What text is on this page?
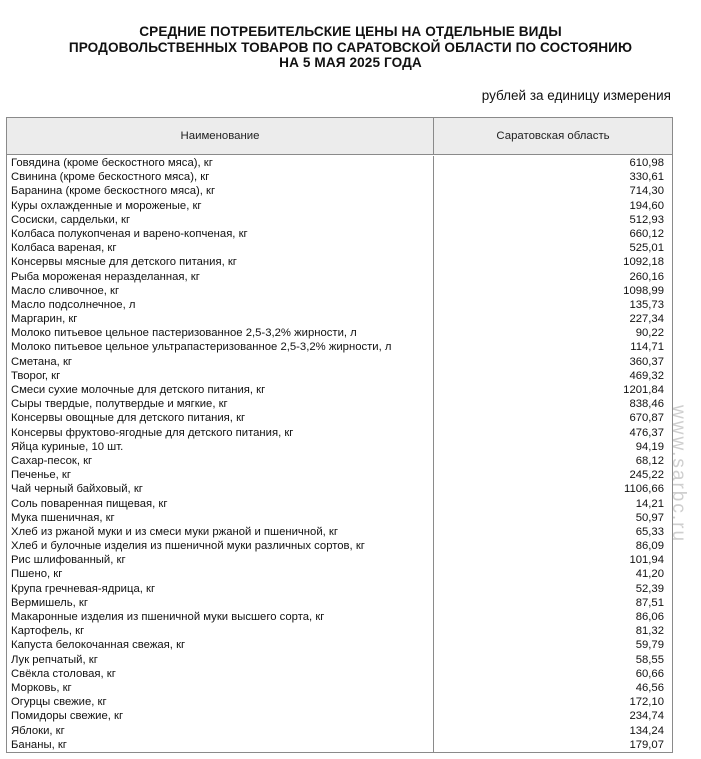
СРЕДНИЕ ПОТРЕБИТЕЛЬСКИЕ ЦЕНЫ НА ОТДЕЛЬНЫЕ ВИДЫ
ПРОДОВОЛЬСТВЕННЫХ ТОВАРОВ ПО САРАТОВСКОЙ ОБЛАСТИ ПО СОСТОЯНИЮ
НА 5 МАЯ 2025 ГОДА
рублей за единицу измерения
Наименование	Саратовская область
Говядина (кроме бескостного мяса), кг	610,98
Свинина (кроме бескостного мяса), кг	330,61
Баранина (кроме бескостного мяса), кг	714,30
Куры охлажденные и мороженые, кг	194,60
Сосиски, сардельки, кг	512,93
Колбаса полукопченая и варено-копченая, кг	660,12
Колбаса вареная, кг	525,01
Консервы мясные для детского питания, кг	1092,18
Рыба мороженая неразделанная, кг	260,16
Масло сливочное, кг	1098,99
Масло подсолнечное, л	135,73
Маргарин, кг	227,34
Молоко питьевое цельное пастеризованное 2,5-3,2% жирности, л	90,22
Молоко питьевое цельное ультрапастеризованное 2,5-3,2% жирности, л	114,71
Сметана, кг	360,37
Творог, кг	469,32
Смеси сухие молочные для детского питания, кг	1201,84
Сыры твердые, полутвердые и мягкие, кг	838,46
Консервы овощные для детского питания, кг	670,87
Консервы фруктово-ягодные для детского питания, кг	476,37
Яйца куриные, 10 шт.	94,19
Сахар-песок, кг	68,12
Печенье, кг	245,22
Чай черный байховый, кг	1106,66
Соль поваренная пищевая, кг	14,21
Мука пшеничная, кг	50,97
Хлеб из ржаной муки и из смеси муки ржаной и пшеничной, кг	65,33
Хлеб и булочные изделия из пшеничной муки различных сортов, кг	86,09
Рис шлифованный, кг	101,94
Пшено, кг	41,20
Крупа гречневая-ядрица, кг	52,39
Вермишель, кг	87,51
Макаронные изделия из пшеничной муки высшего сорта, кг	86,06
Картофель, кг	81,32
Капуста белокочанная свежая, кг	59,79
Лук репчатый, кг	58,55
Свёкла столовая, кг	60,66
Морковь, кг	46,56
Огурцы свежие, кг	172,10
Помидоры свежие, кг	234,74
Яблоки, кг	134,24
Бананы, кг	179,07
www.sarbc.ru
